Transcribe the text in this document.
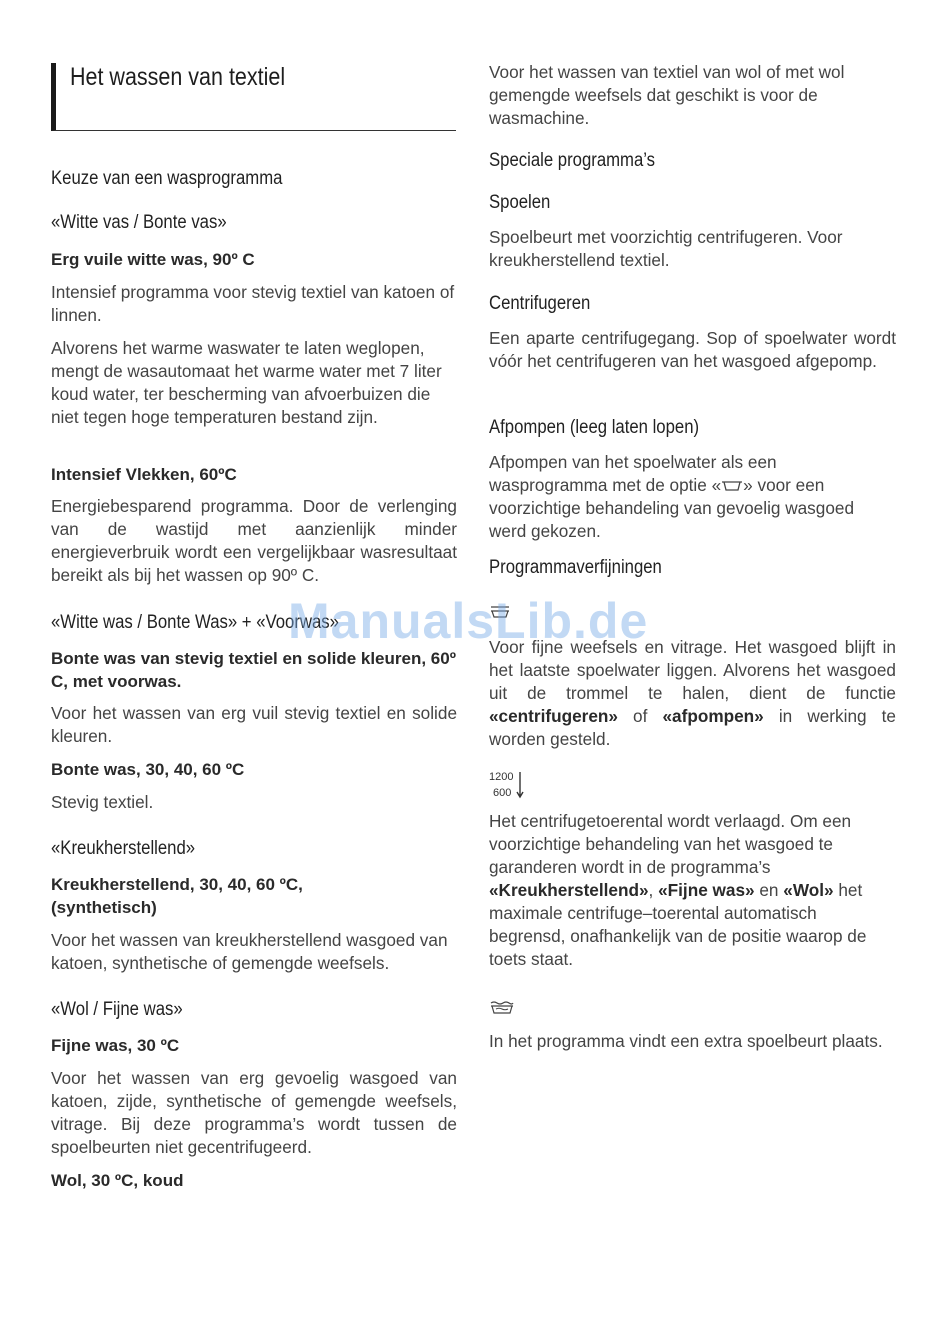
Het wassen van textiel
Keuze van een wasprogramma
«Witte vas / Bonte vas»
Erg vuile witte was, 90º C
Intensief programma voor stevig textiel van katoen of linnen.
Alvorens het warme waswater te laten weglopen, mengt de wasautomaat het warme water met 7 liter koud water, ter bescherming van afvoerbuizen die niet tegen hoge temperaturen bestand zijn.
Intensief Vlekken, 60ºC
Energiebesparend programma. Door de verlenging van de wastijd met aanzienlijk minder energieverbruik wordt een vergelijkbaar wasresultaat bereikt als bij het wassen op 90º C.
«Witte was / Bonte Was» + «Voorwas»
Bonte was van stevig textiel en solide kleuren, 60º C, met voorwas.
Voor het wassen van erg vuil stevig textiel en solide kleuren.
Bonte was, 30, 40, 60 ºC
Stevig textiel.
«Kreukherstellend»
Kreukherstellend, 30, 40, 60 ºC, (synthetisch)
Voor het wassen van kreukherstellend wasgoed van katoen, synthetische of gemengde weefsels.
«Wol / Fijne was»
Fijne was, 30 ºC
Voor het wassen van erg gevoelig wasgoed van katoen, zijde, synthetische of gemengde weefsels, vitrage. Bij deze programma’s wordt tussen de spoelbeurten niet gecentrifugeerd.
Wol, 30 ºC, koud
Voor het wassen van textiel van wol of met wol gemengde weefsels dat geschikt is voor de wasmachine.
Speciale programma’s
Spoelen
Spoelbeurt met voorzichtig centrifugeren. Voor kreukherstellend textiel.
Centrifugeren
Een aparte centrifugegang. Sop of spoelwater wordt vóór het centrifugeren van het wasgoed afgepomp.
Afpompen (leeg laten lopen)
Afpompen van het spoelwater als een wasprogramma met de optie « » voor een voorzichtige behandeling van gevoelig wasgoed werd gekozen.
Programmaverfijningen
Voor fijne weefsels en vitrage. Het wasgoed blijft in het laatste spoelwater liggen. Alvorens het wasgoed uit de trommel te halen, dient de functie «centrifugeren» of «afpompen» in werking te worden gesteld.
1200
600
Het centrifugetoerental wordt verlaagd. Om een voorzichtige behandeling van het wasgoed te garanderen wordt in de programma’s «Kreukherstellend», «Fijne was» en «Wol» het maximale centrifuge–toerental automatisch begrensd, onafhankelijk van de positie waarop de toets staat.
In het programma vindt een extra spoelbeurt plaats.
ManualsLib.de
